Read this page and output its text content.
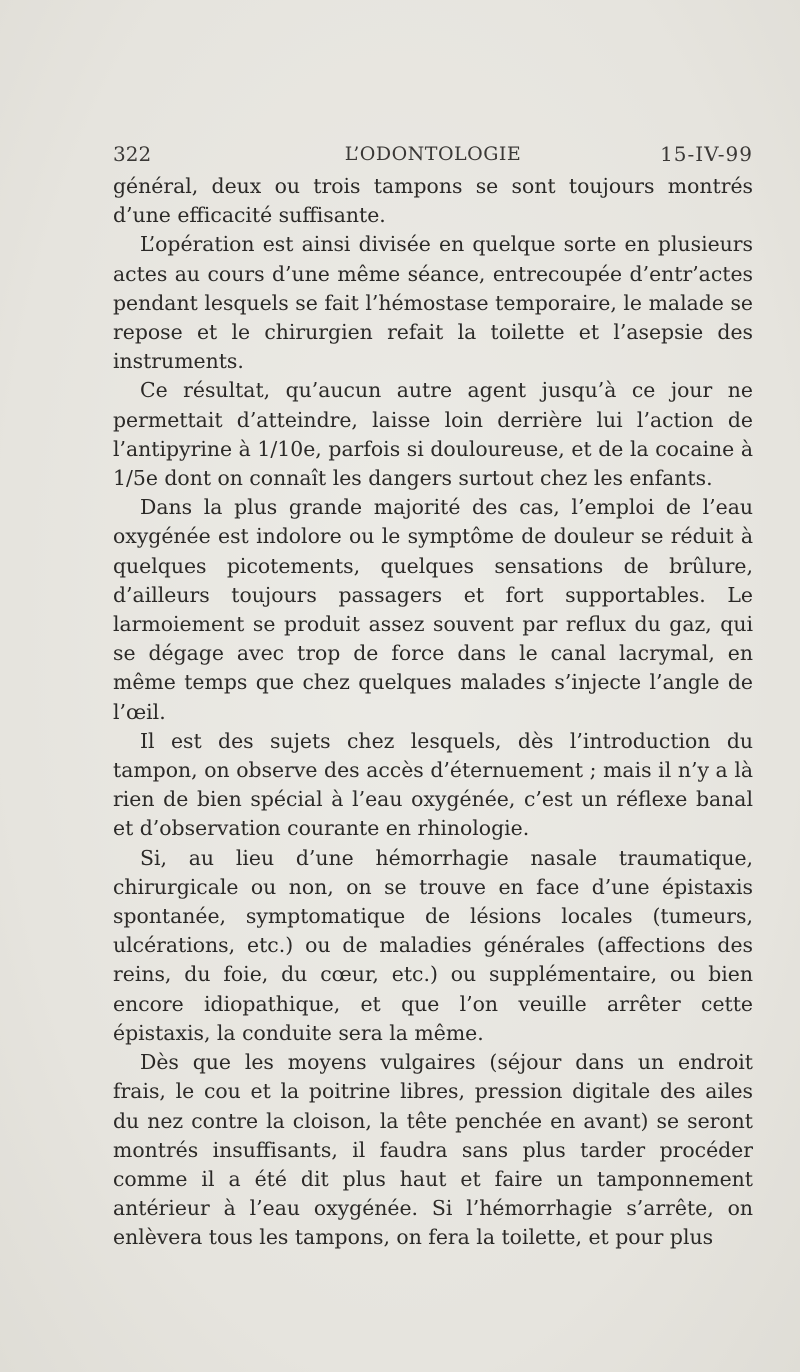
322	L’ODONTOLOGIE	15-IV-99

général, deux ou trois tampons se sont toujours montrés d’une efficacité suffisante.

L’opération est ainsi divisée en quelque sorte en plusieurs actes au cours d’une même séance, entrecoupée d’entr’actes pendant lesquels se fait l’hémostase temporaire, le malade se repose et le chirurgien refait la toilette et l’asepsie des instruments.

Ce résultat, qu’aucun autre agent jusqu’à ce jour ne permettait d’atteindre, laisse loin derrière lui l’action de l’antipyrine à 1/10e, parfois si douloureuse, et de la cocaine à 1/5e dont on connaît les dangers surtout chez les enfants.

Dans la plus grande majorité des cas, l’emploi de l’eau oxygénée est indolore ou le symptôme de douleur se réduit à quelques picotements, quelques sensations de brûlure, d’ailleurs toujours passagers et fort supportables. Le larmoiement se produit assez souvent par reflux du gaz, qui se dégage avec trop de force dans le canal lacrymal, en même temps que chez quelques malades s’injecte l’angle de l’œil.

Il est des sujets chez lesquels, dès l’introduction du tampon, on observe des accès d’éternuement ; mais il n’y a là rien de bien spécial à l’eau oxygénée, c’est un réflexe banal et d’observation courante en rhinologie.

Si, au lieu d’une hémorrhagie nasale traumatique, chirurgicale ou non, on se trouve en face d’une épistaxis spontanée, symptomatique de lésions locales (tumeurs, ulcérations, etc.) ou de maladies générales (affections des reins, du foie, du cœur, etc.) ou supplémentaire, ou bien encore idiopathique, et que l’on veuille arrêter cette épistaxis, la conduite sera la même.

Dès que les moyens vulgaires (séjour dans un endroit frais, le cou et la poitrine libres, pression digitale des ailes du nez contre la cloison, la tête penchée en avant) se seront montrés insuffisants, il faudra sans plus tarder procéder comme il a été dit plus haut et faire un tamponnement antérieur à l’eau oxygénée. Si l’hémorrhagie s’arrête, on enlèvera tous les tampons, on fera la toilette, et pour plus
